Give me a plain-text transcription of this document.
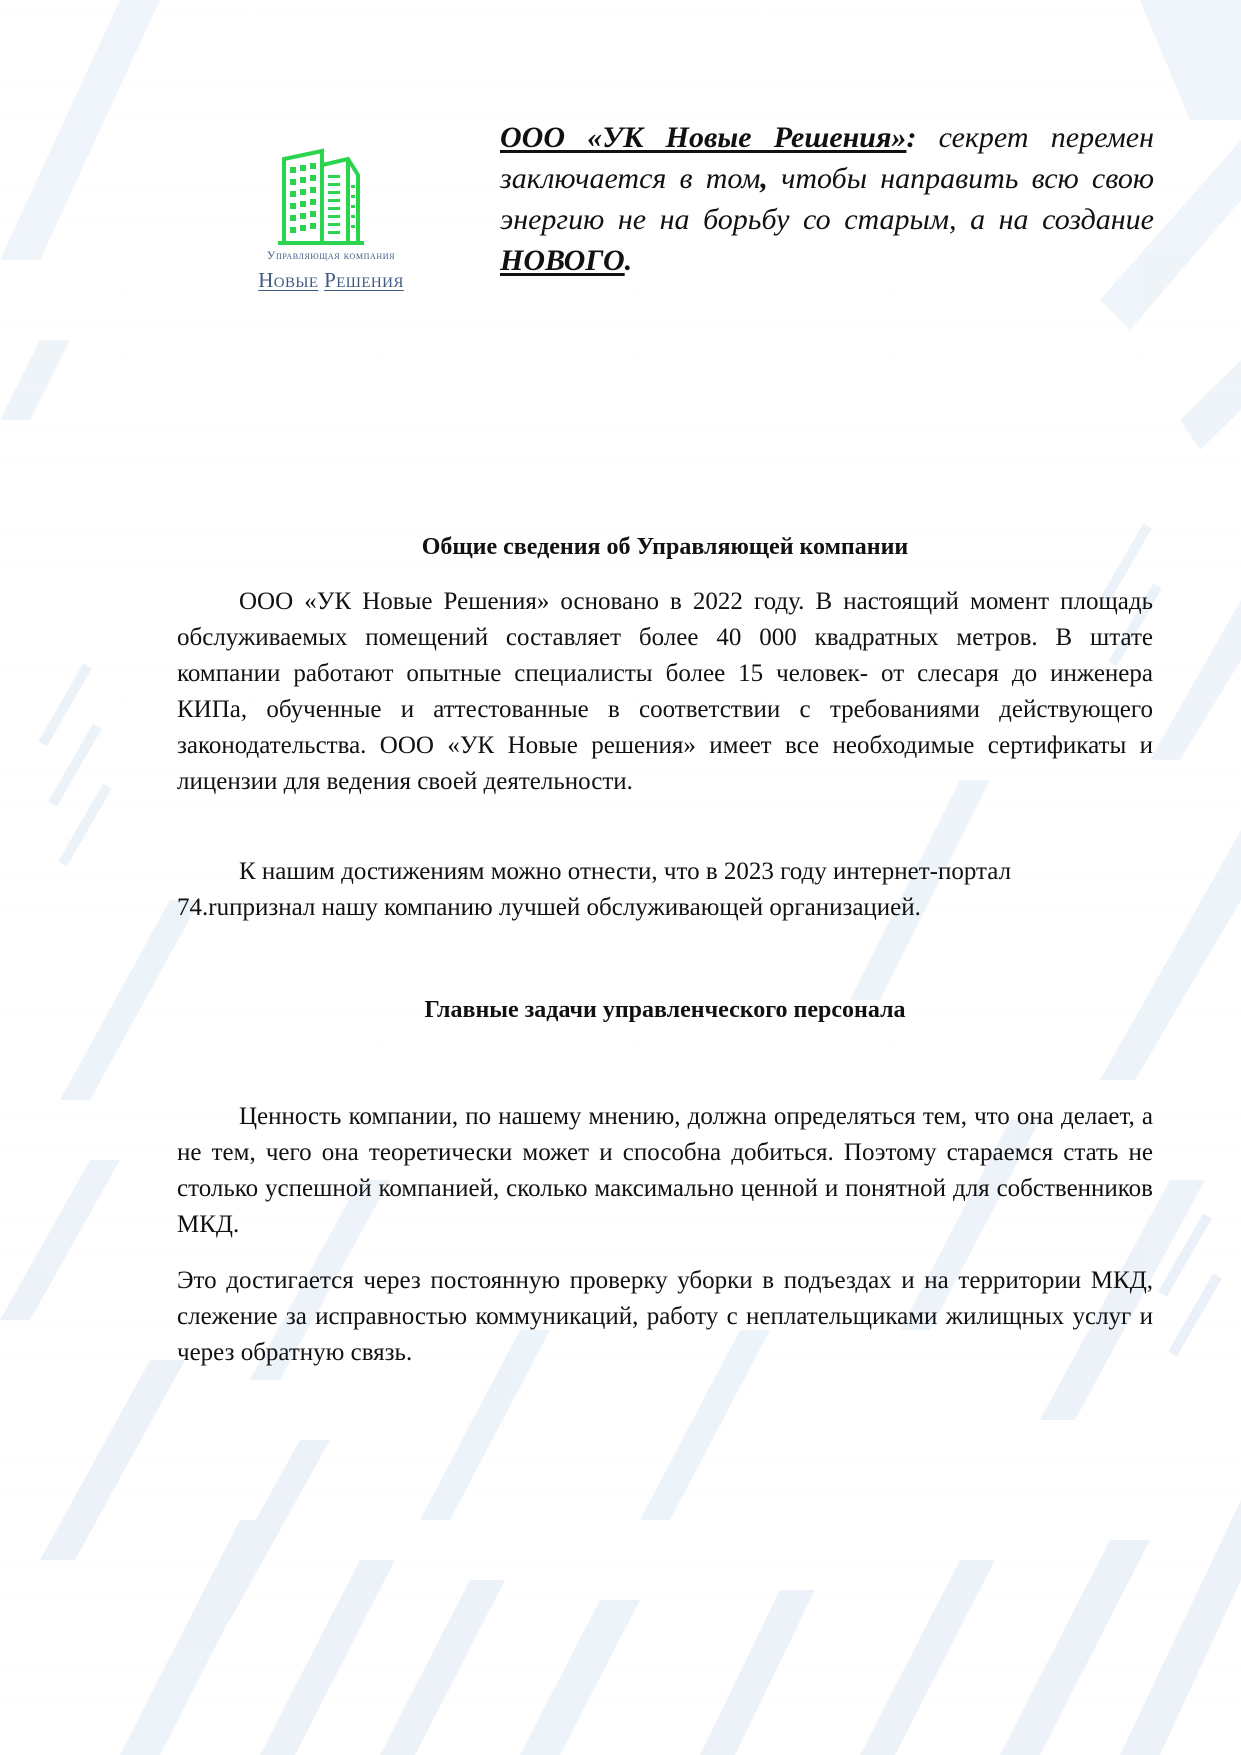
Управляющая компания
Новые Решения
ООО «УК Новые Решения»: секрет перемен заключается в том, чтобы направить всю свою энергию не на борьбу со старым, а на создание НОВОГО.
Общие сведения об Управляющей компании

ООО «УК Новые Решения» основано в 2022 году. В настоящий момент площадь обслуживаемых помещений составляет более 40 000 квадратных метров. В штате компании работают опытные специалисты более 15 человек- от слесаря до инженера КИПа, обученные и аттестованные в соответствии с требованиями действующего законодательства. ООО «УК Новые решения» имеет все необходимые сертификаты и лицензии для ведения своей деятельности.

К нашим достижениям можно отнести, что в 2023 году интернет-портал 74.ruпризнал нашу компанию лучшей обслуживающей организацией.

Главные задачи управленческого персонала

Ценность компании, по нашему мнению, должна определяться тем, что она делает, а не тем, чего она теоретически может и способна добиться. Поэтому стараемся стать не столько успешной компанией, сколько максимально ценной и понятной для собственников МКД.

Это достигается через постоянную проверку уборки в подъездах и на территории МКД, слежение за исправностью коммуникаций, работу с неплательщиками жилищных услуг и через обратную связь.
